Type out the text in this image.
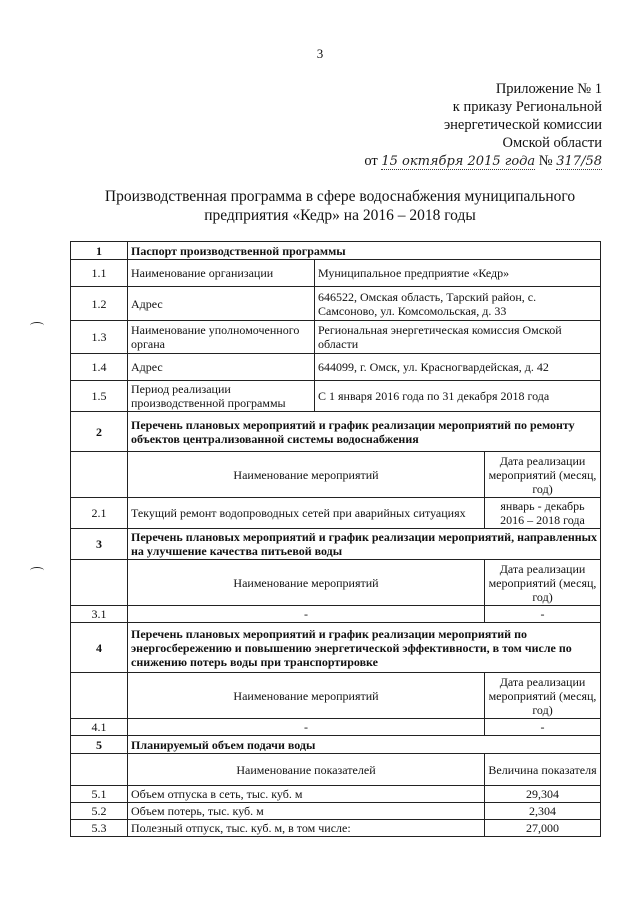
3
Приложение № 1
к приказу Региональной
энергетической комиссии
Омской области
от 15 октября 2015 года № 317/58
Производственная программа в сфере водоснабжения муниципального
предприятия «Кедр» на 2016 – 2018 годы
1	Паспорт производственной программы		
1.1	Наименование организации	Муниципальное предприятие «Кедр»	
1.2	Адрес	646522, Омская область, Тарский район, с. Самсоново, ул. Комсомольская, д. 33	
1.3	Наименование уполномоченного органа	Региональная энергетическая комиссия Омской области	
1.4	Адрес	644099, г. Омск, ул. Красногвардейская, д. 42	
1.5	Период реализации производственной программы	С 1 января 2016 года по 31 декабря 2018 года	
2	Перечень плановых мероприятий и график реализации мероприятий по ремонту объектов централизованной системы водоснабжения		
	Наименование мероприятий		Дата реализации мероприятий (месяц, год)
2.1	Текущий ремонт водопроводных сетей при аварийных ситуациях		январь - декабрь 2016 – 2018 года
3	Перечень плановых мероприятий и график реализации мероприятий, направленных на улучшение качества питьевой воды		
	Наименование мероприятий		Дата реализации мероприятий (месяц, год)
3.1	-		-
4	Перечень плановых мероприятий и график реализации мероприятий по энергосбережению и повышению энергетической эффективности, в том числе по снижению потерь воды при транспортировке		
	Наименование мероприятий		Дата реализации мероприятий (месяц, год)
4.1	-		-
5	Планируемый объем подачи воды		
	Наименование показателей		Величина показателя
5.1	Объем отпуска в сеть, тыс. куб. м		29,304
5.2	Объем потерь, тыс. куб. м		2,304
5.3	Полезный отпуск, тыс. куб. м, в том числе:		27,000
